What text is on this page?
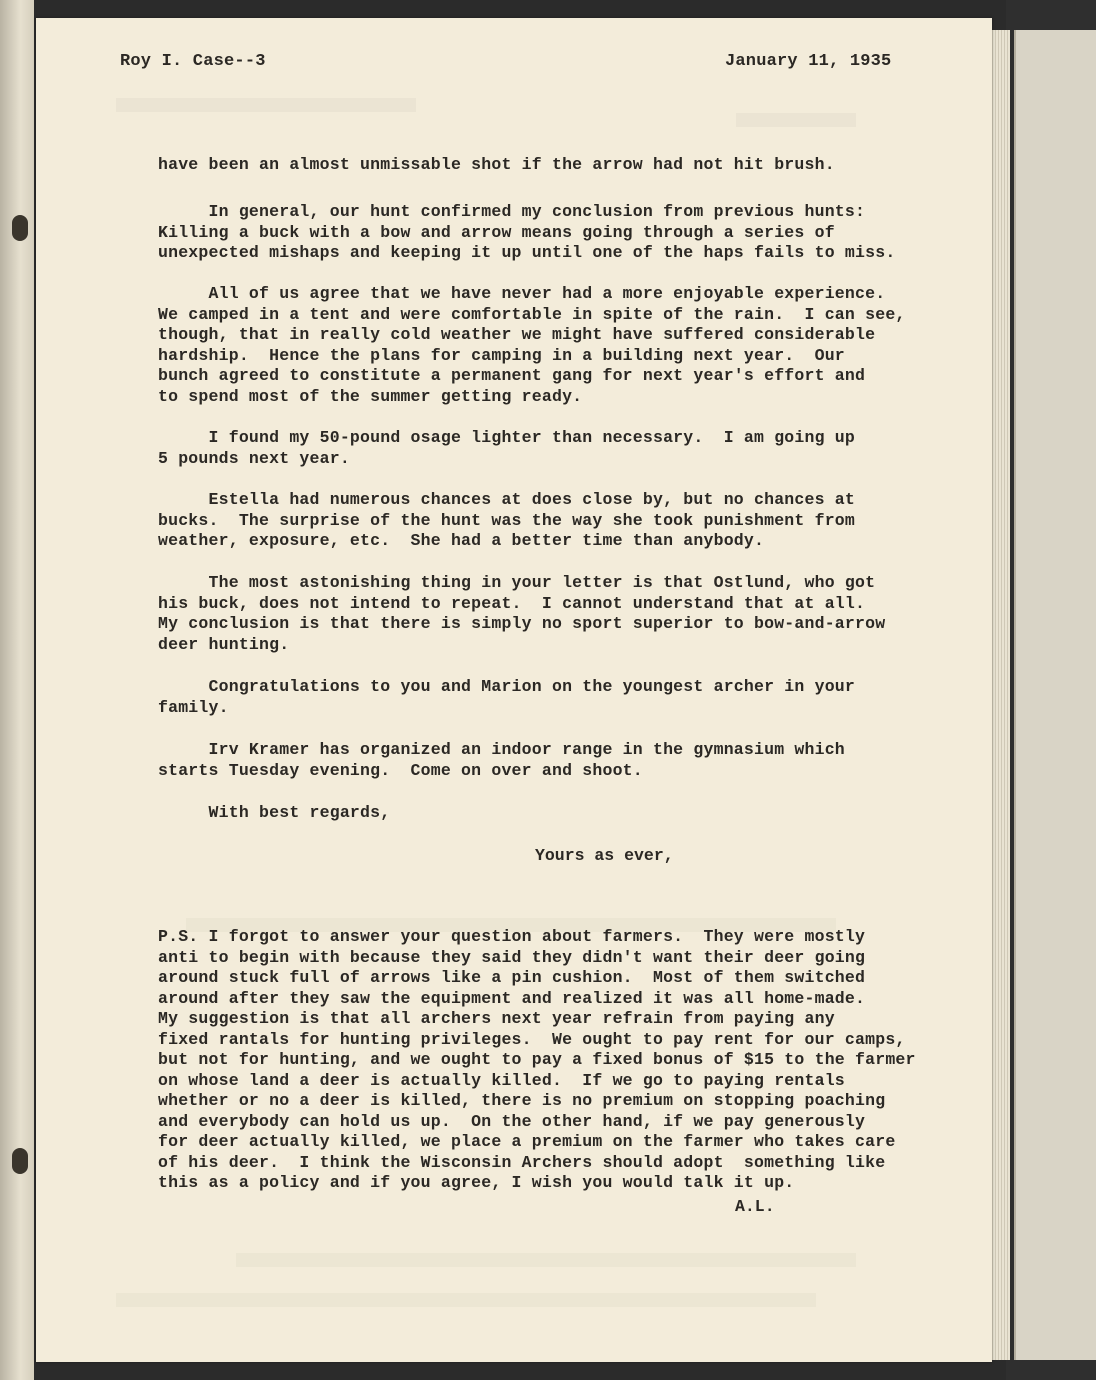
Roy I. Case--3	January 11, 1935
have been an almost unmissable shot if the arrow had not hit brush.
In general, our hunt confirmed my conclusion from previous hunts:
Killing a buck with a bow and arrow means going through a series of
unexpected mishaps and keeping it up until one of the haps fails to miss.
All of us agree that we have never had a more enjoyable experience.
We camped in a tent and were comfortable in spite of the rain.  I can see,
though, that in really cold weather we might have suffered considerable
hardship.  Hence the plans for camping in a building next year.  Our
bunch agreed to constitute a permanent gang for next year's effort and
to spend most of the summer getting ready.
I found my 50-pound osage lighter than necessary.  I am going up
5 pounds next year.
Estella had numerous chances at does close by, but no chances at
bucks.  The surprise of the hunt was the way she took punishment from
weather, exposure, etc.  She had a better time than anybody.
The most astonishing thing in your letter is that Ostlund, who got
his buck, does not intend to repeat.  I cannot understand that at all.
My conclusion is that there is simply no sport superior to bow-and-arrow
deer hunting.
Congratulations to you and Marion on the youngest archer in your
family.
Irv Kramer has organized an indoor range in the gymnasium which
starts Tuesday evening.  Come on over and shoot.
With best regards,
Yours as ever,
P.S. I forgot to answer your question about farmers.  They were mostly
anti to begin with because they said they didn't want their deer going
around stuck full of arrows like a pin cushion.  Most of them switched
around after they saw the equipment and realized it was all home-made.
My suggestion is that all archers next year refrain from paying any
fixed rantals for hunting privileges.  We ought to pay rent for our camps,
but not for hunting, and we ought to pay a fixed bonus of $15 to the farmer
on whose land a deer is actually killed.  If we go to paying rentals
whether or no a deer is killed, there is no premium on stopping poaching
and everybody can hold us up.  On the other hand, if we pay generously
for deer actually killed, we place a premium on the farmer who takes care
of his deer.  I think the Wisconsin Archers should adopt  something like
this as a policy and if you agree, I wish you would talk it up.
A.L.
